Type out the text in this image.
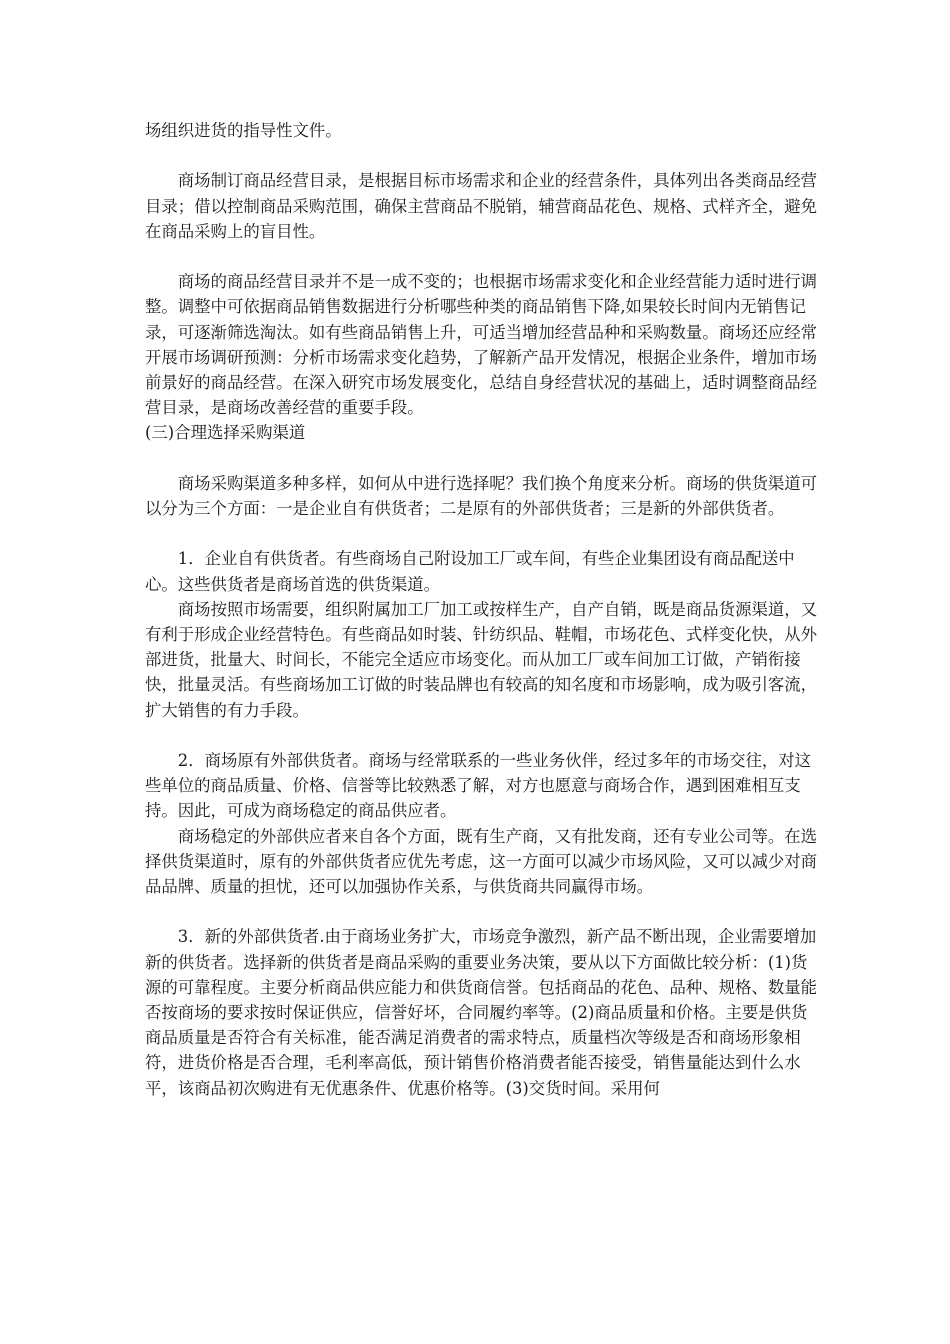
场组织进货的指导性文件。

商场制订商品经营目录，是根据目标市场需求和企业的经营条件，具体列出各类商品经营目录；借以控制商品采购范围，确保主营商品不脱销，辅营商品花色、规格、式样齐全，避免在商品采购上的盲目性。

商场的商品经营目录并不是一成不变的；也根据市场需求变化和企业经营能力适时进行调整。调整中可依据商品销售数据进行分析哪些种类的商品销售下降,如果较长时间内无销售记录，可逐渐筛选淘汰。如有些商品销售上升，可适当增加经营品种和采购数量。商场还应经常开展市场调研预测：分析市场需求变化趋势，了解新产品开发情况，根据企业条件，增加市场前景好的商品经营。在深入研究市场发展变化，总结自身经营状况的基础上，适时调整商品经营目录，是商场改善经营的重要手段。

(三)合理选择采购渠道

商场采购渠道多种多样，如何从中进行选择呢？我们换个角度来分析。商场的供货渠道可以分为三个方面：一是企业自有供货者；二是原有的外部供货者；三是新的外部供货者。

1．企业自有供货者。有些商场自己附设加工厂或车间，有些企业集团设有商品配送中心。这些供货者是商场首选的供货渠道。

商场按照市场需要，组织附属加工厂加工或按样生产，自产自销，既是商品货源渠道，又有利于形成企业经营特色。有些商品如时装、针纺织品、鞋帽，市场花色、式样变化快，从外部进货，批量大、时间长，不能完全适应市场变化。而从加工厂或车间加工订做，产销衔接快，批量灵活。有些商场加工订做的时装品牌也有较高的知名度和市场影响，成为吸引客流，扩大销售的有力手段。

2．商场原有外部供货者。商场与经常联系的一些业务伙伴，经过多年的市场交往，对这些单位的商品质量、价格、信誉等比较熟悉了解，对方也愿意与商场合作，遇到困难相互支持。因此，可成为商场稳定的商品供应者。

商场稳定的外部供应者来自各个方面，既有生产商，又有批发商，还有专业公司等。在选择供货渠道时，原有的外部供货者应优先考虑，这一方面可以减少市场风险，又可以减少对商品品牌、质量的担忧，还可以加强协作关系，与供货商共同赢得市场。

3．新的外部供货者.由于商场业务扩大，市场竞争激烈，新产品不断出现，企业需要增加新的供货者。选择新的供货者是商品采购的重要业务决策，要从以下方面做比较分析：(1)货源的可靠程度。主要分析商品供应能力和供货商信誉。包括商品的花色、品种、规格、数量能否按商场的要求按时保证供应，信誉好坏，合同履约率等。(2)商品质量和价格。主要是供货商品质量是否符合有关标准，能否满足消费者的需求特点，质量档次等级是否和商场形象相符，进货价格是否合理，毛利率高低，预计销售价格消费者能否接受，销售量能达到什么水平，该商品初次购进有无优惠条件、优惠价格等。(3)交货时间。采用何
